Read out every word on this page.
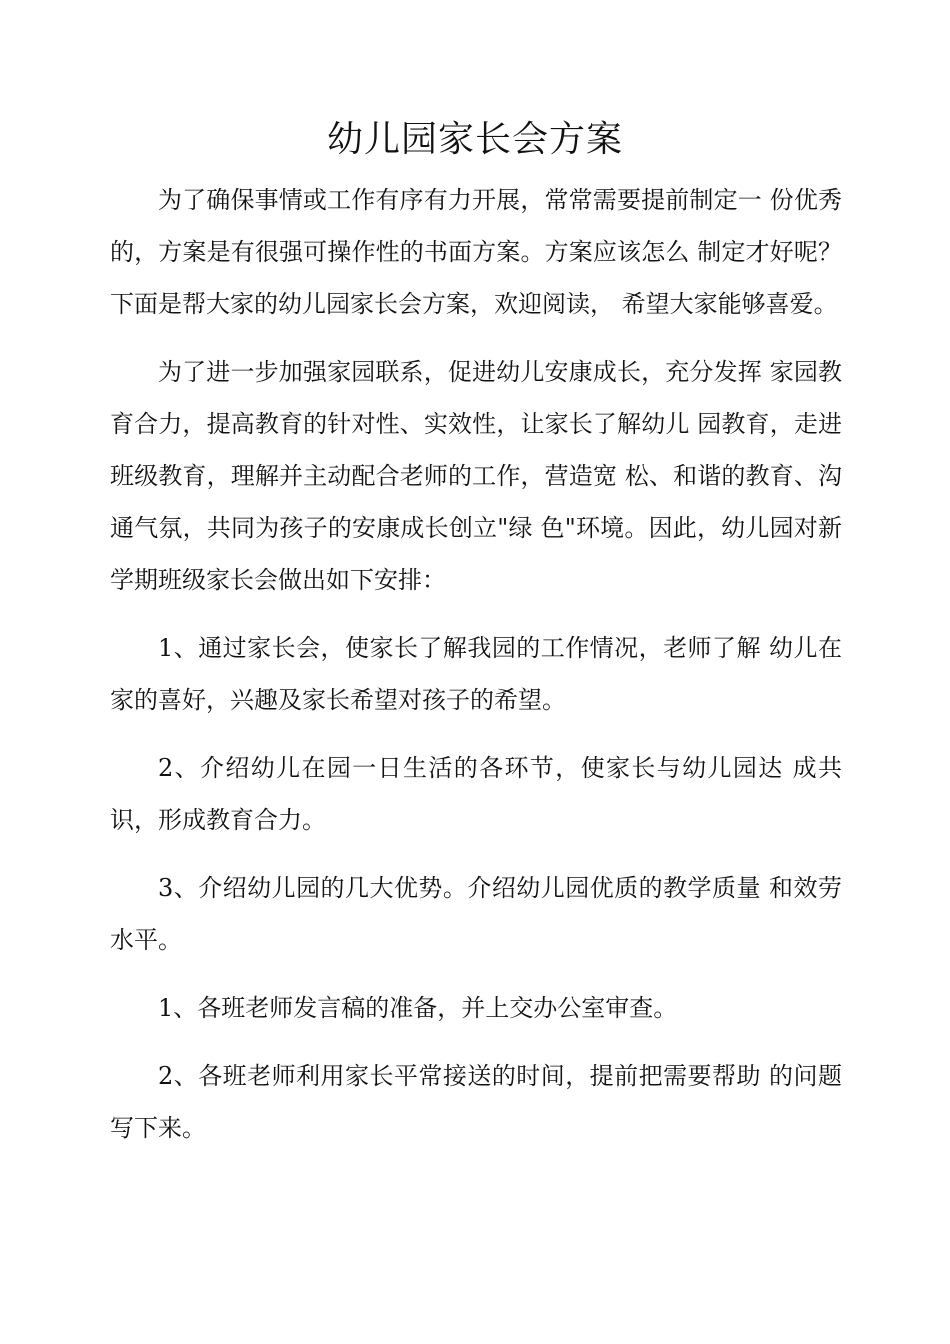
幼儿园家长会方案

为了确保事情或工作有序有力开展，常常需要提前制定一 份优秀的，方案是有很强可操作性的书面方案。方案应该怎么 制定才好呢？下面是帮大家的幼儿园家长会方案，欢迎阅读， 希望大家能够喜爱。

为了进一步加强家园联系，促进幼儿安康成长，充分发挥 家园教育合力，提高教育的针对性、实效性，让家长了解幼儿 园教育，走进班级教育，理解并主动配合老师的工作，营造宽 松、和谐的教育、沟通气氛，共同为孩子的安康成长创立"绿 色"环境。因此，幼儿园对新学期班级家长会做出如下安排：

1、通过家长会，使家长了解我园的工作情况，老师了解 幼儿在家的喜好，兴趣及家长希望对孩子的希望。

2、介绍幼儿在园一日生活的各环节，使家长与幼儿园达 成共识，形成教育合力。

3、介绍幼儿园的几大优势。介绍幼儿园优质的教学质量 和效劳水平。

1、各班老师发言稿的准备，并上交办公室审查。

2、各班老师利用家长平常接送的时间，提前把需要帮助 的问题写下来。
